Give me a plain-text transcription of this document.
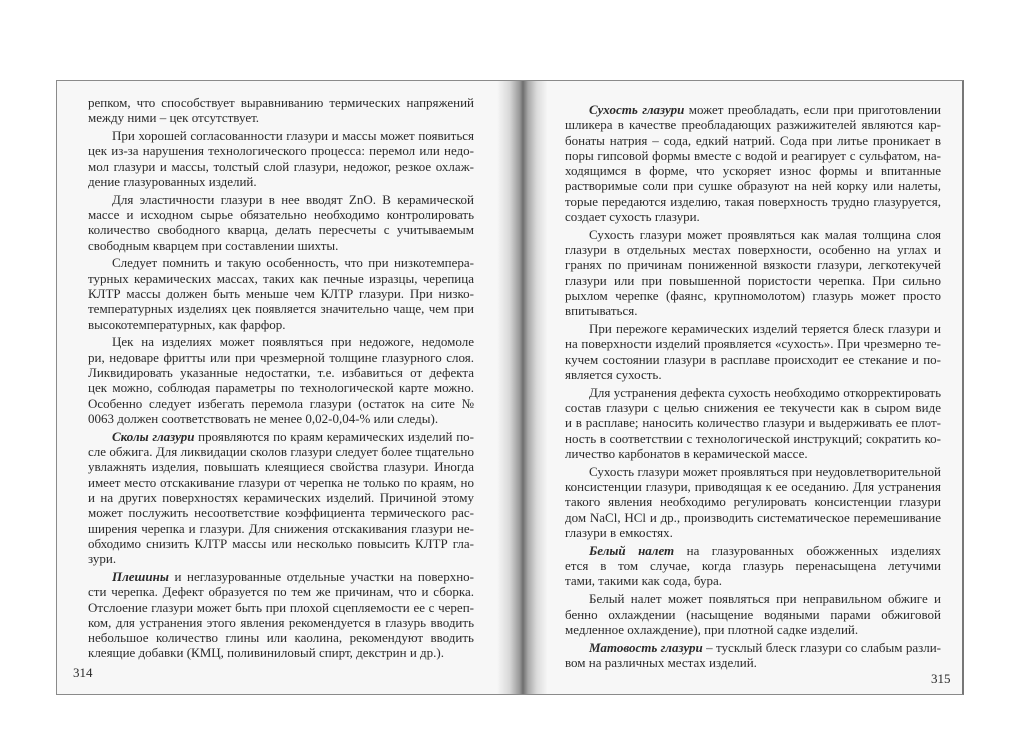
репком, что способствует выравниванию термических напряжений
между ними – цек отсутствует.
При хорошей согласованности глазури и массы может появиться
цек из-за нарушения технологического процесса: перемол или недо-
мол глазури и массы, толстый слой глазури, недожог, резкое охлаж-
дение глазурованных изделий.
Для эластичности глазури в нее вводят ZnO. В керамической
массе и исходном сырье обязательно необходимо контролировать
количество свободного кварца, делать пересчеты с учитываемым
свободным кварцем при составлении шихты.
Следует помнить и такую особенность, что при низкотемпера-
турных керамических массах, таких как печные изразцы, черепица
КЛТР массы должен быть меньше чем КЛТР глазури. При низко-
температурных изделиях цек появляется значительно чаще, чем при
высокотемпературных, как фарфор.
Цек на изделиях может появляться при недожоге, недомоле
ри, недоваре фритты или при чрезмерной толщине глазурного слоя.
Ликвидировать указанные недостатки, т.е. избавиться от дефекта
цек можно, соблюдая параметры по технологической карте можно.
Особенно следует избегать перемола глазури (остаток на сите №
0063 должен соответствовать не менее 0,02-0,04-% или следы).
Сколы глазури проявляются по краям керамических изделий по-
сле обжига. Для ликвидации сколов глазури следует более тщательно
увлажнять изделия, повышать клеящиеся свойства глазури. Иногда
имеет место отскакивание глазури от черепка не только по краям, но
и на других поверхностях керамических изделий. Причиной этому
может послужить несоответствие коэффициента термического рас-
ширения черепка и глазури. Для снижения отскакивания глазури не-
обходимо снизить КЛТР массы или несколько повысить КЛТР гла-
зури.
Плешины и неглазурованные отдельные участки на поверхно-
сти черепка. Дефект образуется по тем же причинам, что и сборка.
Отслоение глазури может быть при плохой сцепляемости ее с череп-
ком, для устранения этого явления рекомендуется в глазурь вводить
небольшое количество глины или каолина, рекомендуют вводить
клеящие добавки (КМЦ, поливиниловый спирт, декстрин и др.).
Сухость глазури может преобладать, если при приготовлении
шликера в качестве преобладающих разжижителей являются кар-
бонаты натрия – сода, едкий натрий. Сода при литье проникает в
поры гипсовой формы вместе с водой и реагирует с сульфатом, на-
ходящимся в форме, что ускоряет износ формы и впитанные
растворимые соли при сушке образуют на ней корку или налеты,
торые передаются изделию, такая поверхность трудно глазуруется,
создает сухость глазури.
Сухость глазури может проявляться как малая толщина слоя
глазури в отдельных местах поверхности, особенно на углах и
гранях по причинам пониженной вязкости глазури, легкотекучей
глазури или при повышенной пористости черепка. При сильно
рыхлом черепке (фаянс, крупномолотом) глазурь может просто
впитываться.
При пережоге керамических изделий теряется блеск глазури и
на поверхности изделий проявляется «сухость». При чрезмерно те-
кучем состоянии глазури в расплаве происходит ее стекание и по-
является сухость.
Для устранения дефекта сухость необходимо откорректировать
состав глазури с целью снижения ее текучести как в сыром виде
и в расплаве; наносить количество глазури и выдерживать ее плот-
ность в соответствии с технологической инструкций; сократить ко-
личество карбонатов в керамической массе.
Сухость глазури может проявляться при неудовлетворительной
консистенции глазури, приводящая к ее оседанию. Для устранения
такого явления необходимо регулировать консистенции глазури
дом NaCl, HCl и др., производить систематическое перемешивание
глазури в емкостях.
Белый налет на глазурованных обожженных изделиях
ется в том случае, когда глазурь перенасыщена летучими
тами, такими как сода, бура.
Белый налет может появляться при неправильном обжиге и
бенно охлаждении (насыщение водяными парами обжиговой
медленное охлаждение), при плотной садке изделий.
Матовость глазури – тусклый блеск глазури со слабым разли-
вом на различных местах изделий.
314	315
